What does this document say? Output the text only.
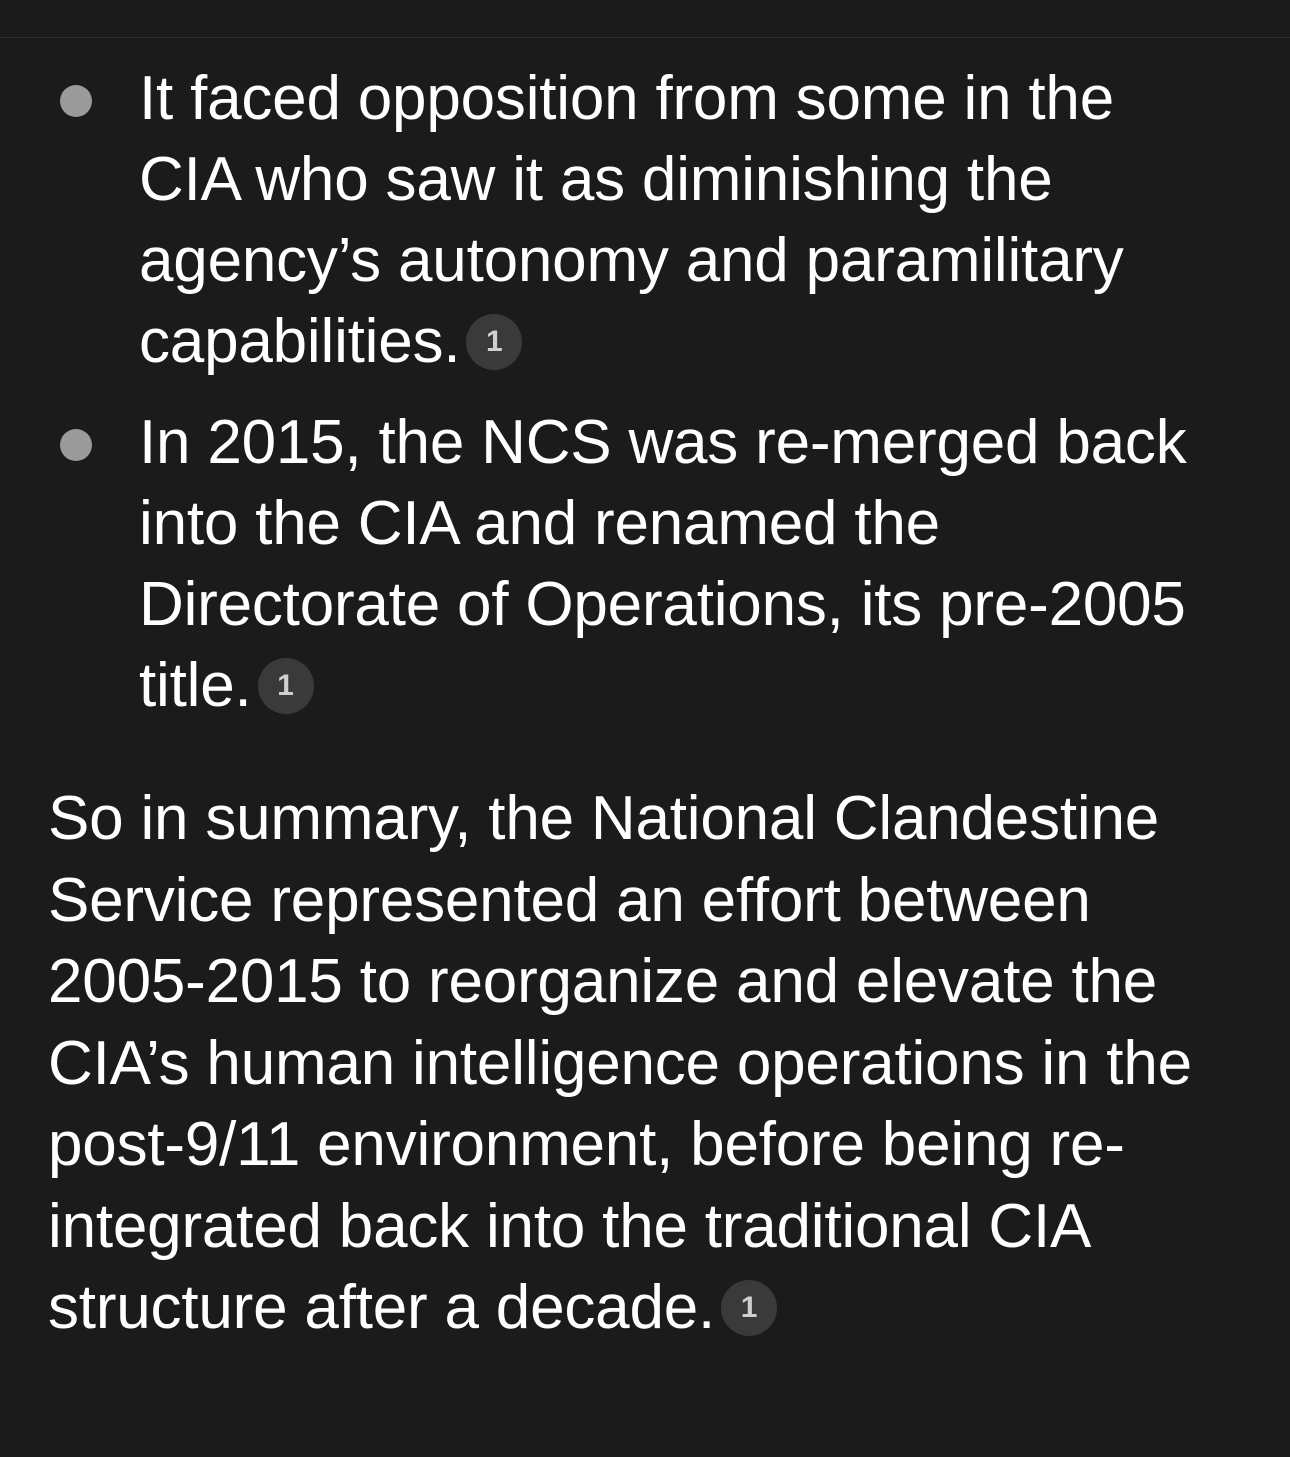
It faced opposition from some in the CIA who saw it as diminishing the agency’s autonomy and paramilitary capabilities. 1
In 2015, the NCS was re-merged back into the CIA and renamed the Directorate of Operations, its pre-2005 title. 1

So in summary, the National Clandestine Service represented an effort between 2005-2015 to reorganize and elevate the CIA’s human intelligence operations in the post-9/11 environment, before being re-integrated back into the traditional CIA structure after a decade. 1
